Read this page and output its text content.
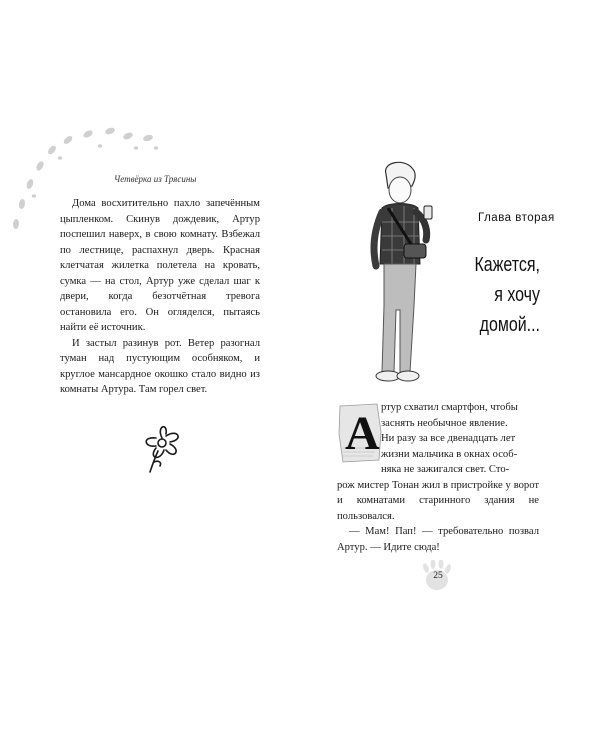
Четвёрка из Трясины

Дома восхитительно пахло запечённым цыпленком. Скинув дождевик, Артур поспешил наверх, в свою комнату. Взбежал по лестнице, распахнул дверь. Красная клетчатая жилетка полетела на кровать, сумка — на стол, Артур уже сделал шаг к двери, когда безотчётная тревога остановила его. Он огляделся, пытаясь найти её источник.

И застыл разинув рот. Ветер разогнал туман над пустующим особняком, и круглое мансардное окошко стало видно из комнаты Артура. Там горел свет.

Глава вторая
Кажется,
я хочу домой...
А ртур схватил смартфон, чтобы

заснять необычное явление.

Ни разу за все двенадцать лет

жизни мальчика в окнах особ-

няка не зажигался свет. Сто-

рож мистер Тонан жил в пристройке у ворот и комнатами старинного здания не пользовался.

— Мам! Пап! — требовательно позвал Артур. — Идите сюда!

25
